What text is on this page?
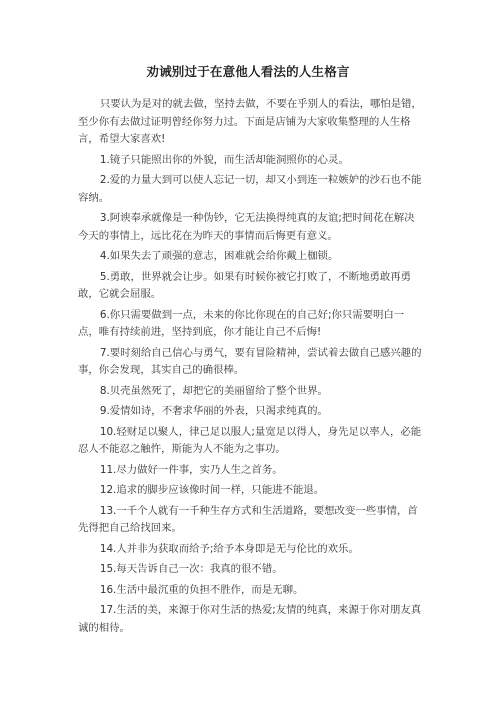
劝诫别过于在意他人看法的人生格言

只要认为是对的就去做，坚持去做，不要在乎别人的看法，哪怕是错，至少你有去做过证明曾经你努力过。下面是店铺为大家收集整理的人生格言，希望大家喜欢!

1.镜子只能照出你的外貌，而生活却能洞照你的心灵。

2.爱的力量大到可以使人忘记一切，却又小到连一粒嫉妒的沙石也不能容纳。

3.阿谀奉承就像是一种伪钞，它无法换得纯真的友谊;把时间花在解决今天的事情上，远比花在为昨天的事情而后悔更有意义。

4.如果失去了顽强的意志，困难就会给你戴上枷锁。

5.勇敢，世界就会让步。如果有时候你被它打败了，不断地勇敢再勇敢，它就会屈服。

6.你只需要做到一点，未来的你比你现在的自己好;你只需要明白一点，唯有持续前进，坚持到底，你才能让自己不后悔!

7.要时刻给自己信心与勇气，要有冒险精神，尝试着去做自己感兴趣的事，你会发现，其实自己的确很棒。

8.贝壳虽然死了，却把它的美丽留给了整个世界。

9.爱情如诗，不奢求华丽的外表，只渴求纯真的。

10.轻财足以聚人，律己足以服人;量宽足以得人，身先足以率人，必能忍人不能忍之触忤，斯能为人不能为之事功。

11.尽力做好一件事，实乃人生之首务。

12.追求的脚步应该像时间一样，只能进不能退。

13.一千个人就有一千种生存方式和生活道路，要想改变一些事情，首先得把自己给找回来。

14.人并非为获取而给予;给予本身即是无与伦比的欢乐。

15.每天告诉自己一次：我真的很不错。

16.生活中最沉重的负担不胜作，而是无聊。

17.生活的美，来源于你对生活的热爱;友情的纯真，来源于你对朋友真诚的相待。
